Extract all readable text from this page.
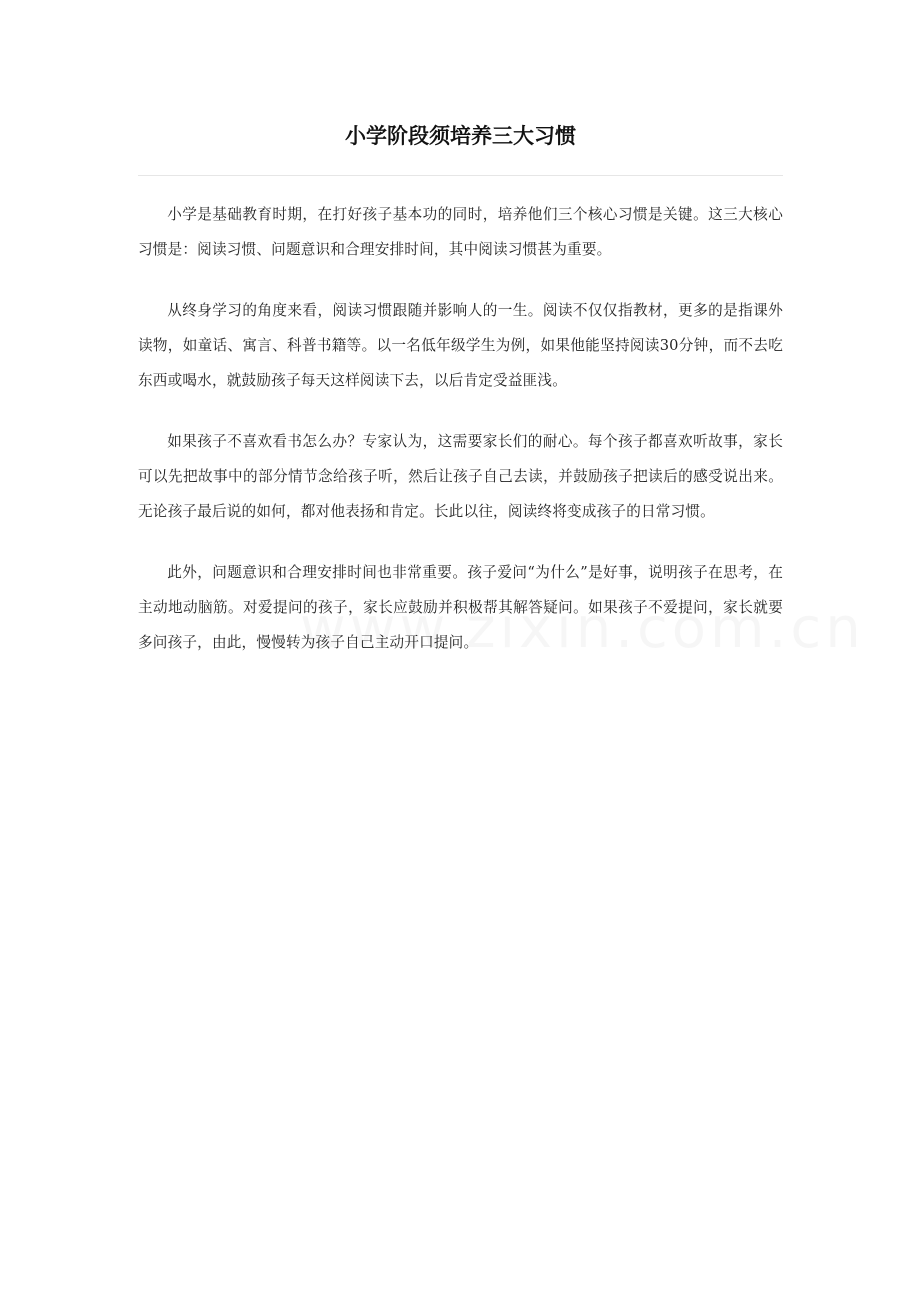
小学阶段须培养三大习惯

小学是基础教育时期，在打好孩子基本功的同时，培养他们三个核心习惯是关键。这三大核心习惯是：阅读习惯、问题意识和合理安排时间，其中阅读习惯甚为重要。

从终身学习的角度来看，阅读习惯跟随并影响人的一生。阅读不仅仅指教材，更多的是指课外读物，如童话、寓言、科普书籍等。以一名低年级学生为例，如果他能坚持阅读30分钟，而不去吃东西或喝水，就鼓励孩子每天这样阅读下去，以后肯定受益匪浅。

如果孩子不喜欢看书怎么办？专家认为，这需要家长们的耐心。每个孩子都喜欢听故事，家长可以先把故事中的部分情节念给孩子听，然后让孩子自己去读，并鼓励孩子把读后的感受说出来。无论孩子最后说的如何，都对他表扬和肯定。长此以往，阅读终将变成孩子的日常习惯。

此外，问题意识和合理安排时间也非常重要。孩子爱问“为什么”是好事，说明孩子在思考，在主动地动脑筋。对爱提问的孩子，家长应鼓励并积极帮其解答疑问。如果孩子不爱提问，家长就要多问孩子，由此，慢慢转为孩子自己主动开口提问。
